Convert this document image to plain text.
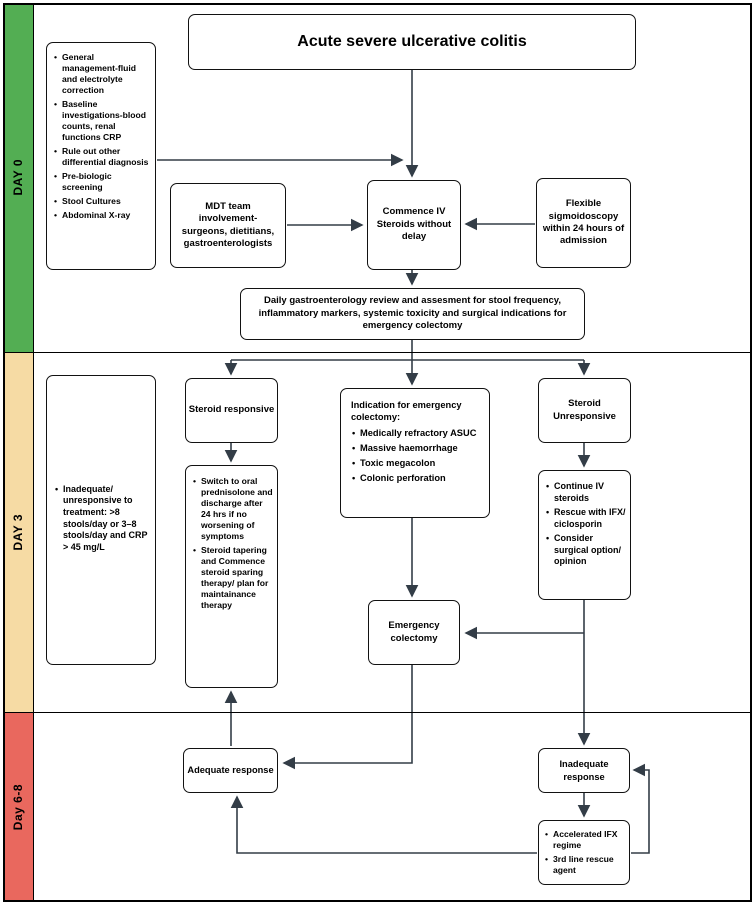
DAY 0
DAY 3
Day 6-8
Acute severe ulcerative colitis
• General management-fluid and electrolyte correction
• Baseline investigations-blood counts, renal functions CRP
• Rule out other differential diagnosis
• Pre-biologic screening
• Stool Cultures
• Abdominal X-ray
MDT team involvement- surgeons, dietitians, gastroenterologists
Commence IV Steroids without delay
Flexible sigmoidoscopy within 24 hours of admission
Daily gastroenterology review and assesment for stool frequency, inflammatory markers, systemic toxicity and surgical indications for emergency colectomy
• Inadequate/ unresponsive to treatment: >8 stools/day or 3–8 stools/day and CRP > 45 mg/L
Steroid responsive	Indication for emergency colectomy:
• Medically refractory ASUC
• Massive haemorrhage
• Toxic megacolon
• Colonic perforation
Steroid Unresponsive
• Switch to oral prednisolone and discharge after 24 hrs if no worsening of symptoms
• Steroid tapering and Commence steroid sparing therapy/ plan for maintainance therapy
• Continue IV steroids
• Rescue with IFX/ ciclosporin
• Consider surgical option/ opinion
Emergency colectomy
Adequate response
Inadequate response
• Accelerated IFX regime
• 3rd line rescue agent
